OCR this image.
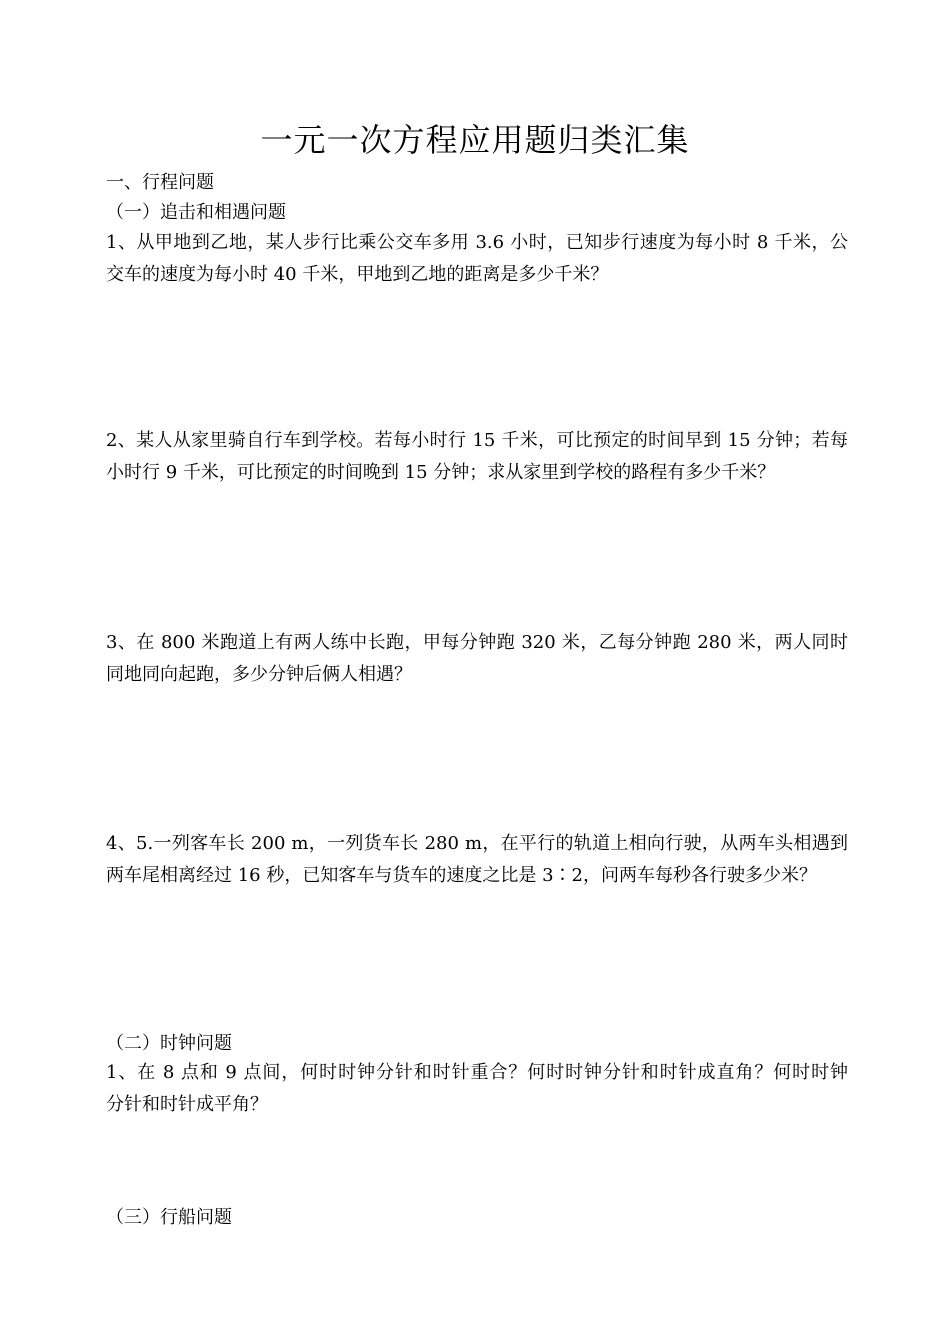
一元一次方程应用题归类汇集
一、行程问题
（一）追击和相遇问题
1、从甲地到乙地，某人步行比乘公交车多用 3.6 小时，已知步行速度为每小时 8 千米，公
交车的速度为每小时 40 千米，甲地到乙地的距离是多少千米？
2、某人从家里骑自行车到学校。若每小时行 15 千米，可比预定的时间早到 15 分钟；若每
小时行 9 千米，可比预定的时间晚到 15 分钟；求从家里到学校的路程有多少千米？
3、在 800 米跑道上有两人练中长跑，甲每分钟跑 320 米，乙每分钟跑 280 米，两人同时
同地同向起跑，多少分钟后俩人相遇？
4、5.一列客车长 200 m，一列货车长 280 m，在平行的轨道上相向行驶，从两车头相遇到
两车尾相离经过 16 秒，已知客车与货车的速度之比是 3∶2，问两车每秒各行驶多少米？
（二）时钟问题
1、在 8 点和 9 点间，何时时钟分针和时针重合？何时时钟分针和时针成直角？何时时钟
分针和时针成平角？
（三）行船问题
